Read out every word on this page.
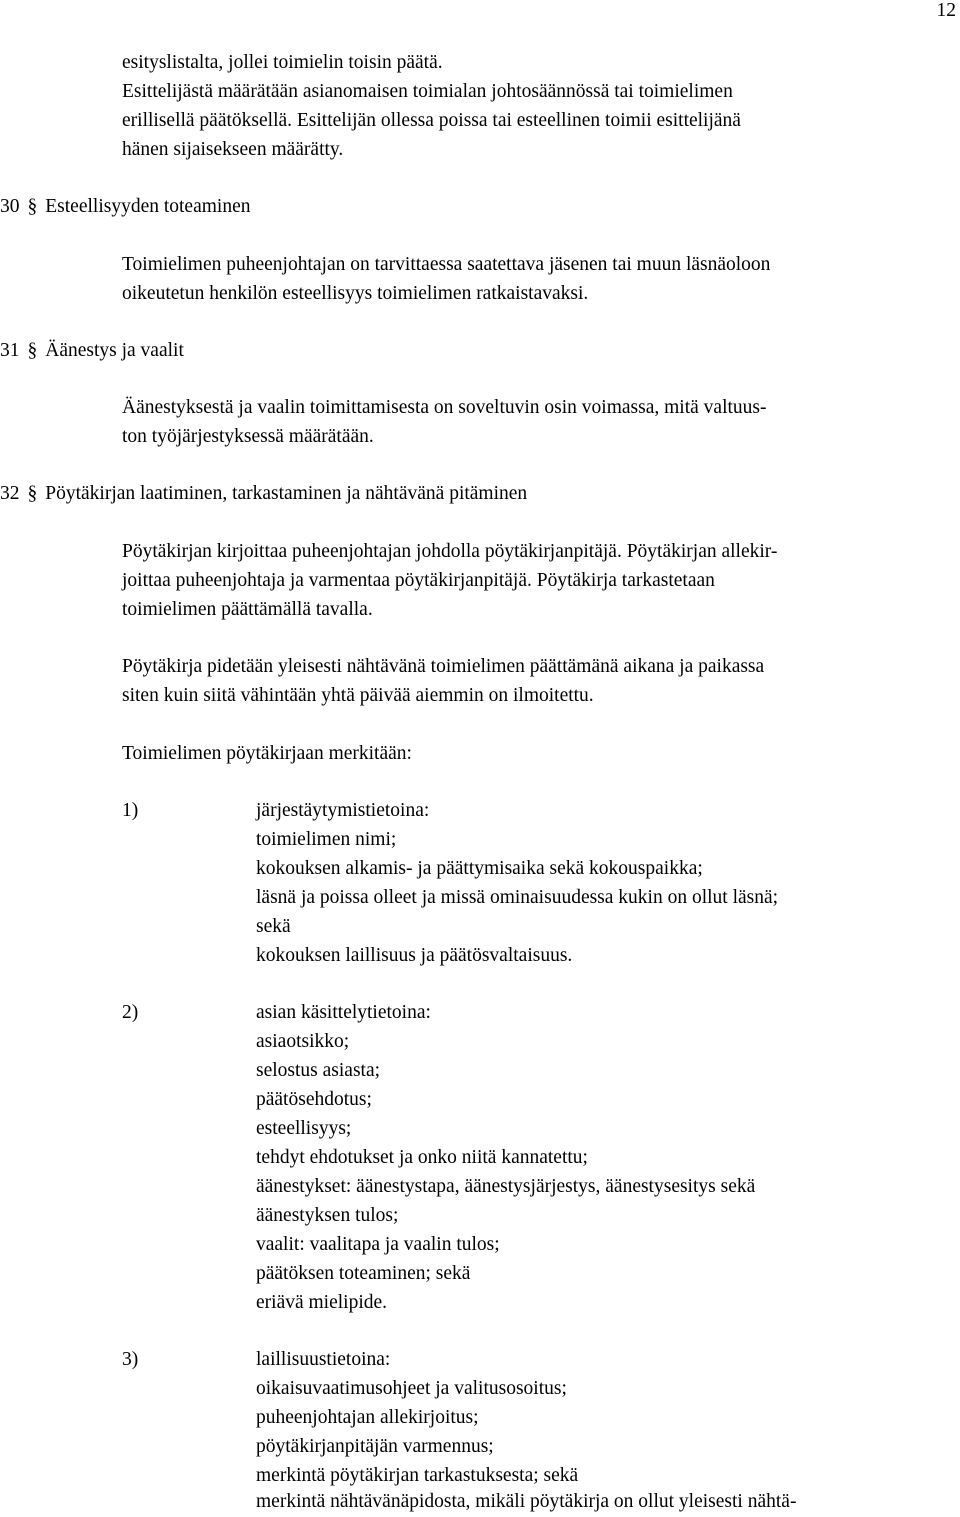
12
esityslistalta, jollei toimielin toisin päätä.
Esittelijästä määrätään asianomaisen toimialan johtosäännössä tai toimielimen
erillisellä päätöksellä. Esittelijän ollessa poissa tai esteellinen toimii esittelijänä
hänen sijaisekseen määrätty.
30 § Esteellisyyden toteaminen
Toimielimen puheenjohtajan on tarvittaessa saatettava jäsenen tai muun läsnäoloon
oikeutetun henkilön esteellisyys toimielimen ratkaistavaksi.
31 § Äänestys ja vaalit
Äänestyksestä ja vaalin toimittamisesta on soveltuvin osin voimassa, mitä valtuus-
ton työjärjestyksessä määrätään.
32 § Pöytäkirjan laatiminen, tarkastaminen ja nähtävänä pitäminen
Pöytäkirjan kirjoittaa puheenjohtajan johdolla pöytäkirjanpitäjä. Pöytäkirjan allekir-
joittaa puheenjohtaja ja varmentaa pöytäkirjanpitäjä. Pöytäkirja tarkastetaan
toimielimen päättämällä tavalla.
Pöytäkirja pidetään yleisesti nähtävänä toimielimen päättämänä aikana ja paikassa
siten kuin siitä vähintään yhtä päivää aiemmin on ilmoitettu.
Toimielimen pöytäkirjaan merkitään:
1)	järjestäytymistietoina:
toimielimen nimi;
kokouksen alkamis- ja päättymisaika sekä kokouspaikka;
läsnä ja poissa olleet ja missä ominaisuudessa kukin on ollut läsnä;
sekä
kokouksen laillisuus ja päätösvaltaisuus.
2)	asian käsittelytietoina:
asiaotsikko;
selostus asiasta;
päätösehdotus;
esteellisyys;
tehdyt ehdotukset ja onko niitä kannatettu;
äänestykset: äänestystapa, äänestysjärjestys, äänestysesitys sekä
äänestyksen tulos;
vaalit: vaalitapa ja vaalin tulos;
päätöksen toteaminen; sekä
eriävä mielipide.
3)	laillisuustietoina:
oikaisuvaatimusohjeet ja valitusosoitus;
puheenjohtajan allekirjoitus;
pöytäkirjanpitäjän varmennus;
merkintä pöytäkirjan tarkastuksesta; sekä
merkintä nähtävänäpidosta, mikäli pöytäkirja on ollut yleisesti nähtä-
